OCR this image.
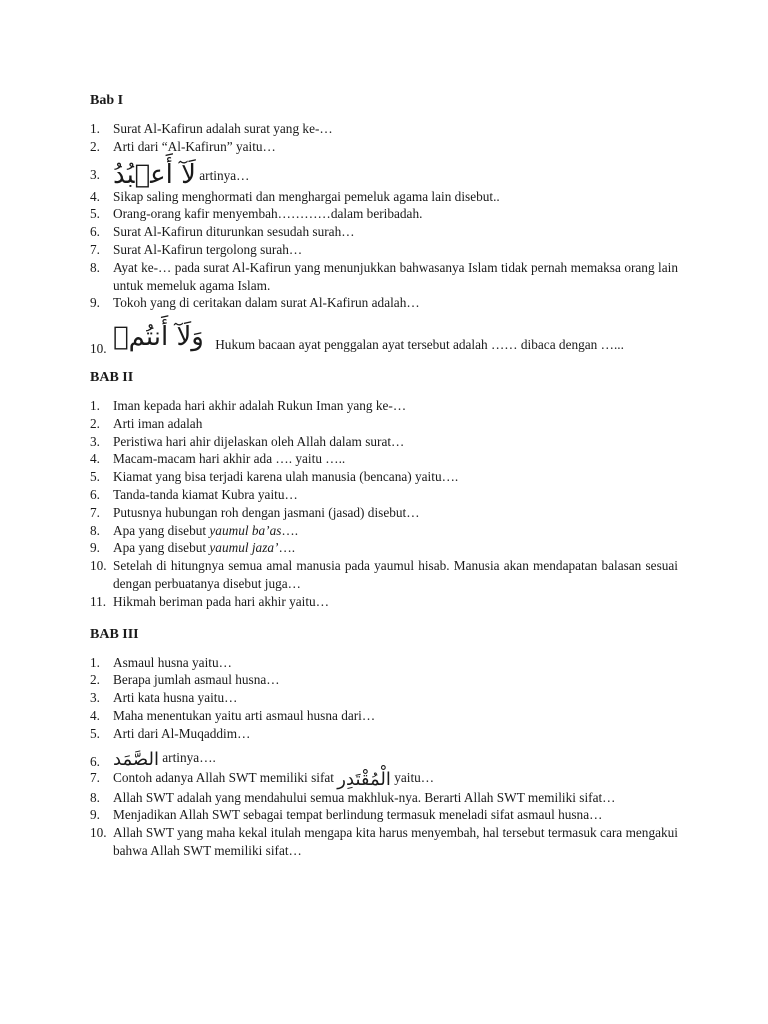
Bab I
1. Surat Al-Kafirun adalah surat yang ke-…
2. Arti dari “Al-Kafirun” yaitu…
3. لَآ أَعۡبُدُ artinya…
4. Sikap saling menghormati dan menghargai pemeluk agama lain disebut..
5. Orang-orang kafir menyembah…………dalam beribadah.
6. Surat Al-Kafirun diturunkan sesudah surah…
7. Surat Al-Kafirun tergolong surah…
8. Ayat ke-… pada surat Al-Kafirun yang menunjukkan bahwasanya Islam tidak pernah memaksa orang lain untuk memeluk agama Islam.
9. Tokoh yang di ceritakan dalam surat Al-Kafirun adalah…
10. وَلَآ أَنتُمۡ Hukum bacaan ayat penggalan ayat tersebut adalah …… dibaca dengan …...
BAB II
1. Iman kepada hari akhir adalah Rukun Iman yang ke-…
2. Arti iman adalah
3. Peristiwa hari ahir dijelaskan oleh Allah dalam surat…
4. Macam-macam hari akhir ada …. yaitu …..
5. Kiamat yang bisa terjadi karena ulah manusia (bencana) yaitu….
6. Tanda-tanda kiamat Kubra yaitu…
7. Putusnya hubungan roh dengan jasmani (jasad) disebut…
8. Apa yang disebut yaumul ba’as….
9. Apa yang disebut yaumul jaza’….
10. Setelah di hitungnya semua amal manusia pada yaumul hisab. Manusia akan mendapatan balasan sesuai dengan perbuatanya disebut juga…
11. Hikmah beriman pada hari akhir yaitu…
BAB III
1. Asmaul husna yaitu…
2. Berapa jumlah asmaul husna…
3. Arti kata husna yaitu…
4. Maha menentukan yaitu arti asmaul husna dari…
5. Arti dari Al-Muqaddim…
6. الصَّمَد artinya….
7. Contoh adanya Allah SWT memiliki sifat الْمُقْتَدِر yaitu…
8. Allah SWT adalah yang mendahului semua makhluk-nya. Berarti Allah SWT memiliki sifat…
9. Menjadikan Allah SWT sebagai tempat berlindung termasuk meneladi sifat asmaul husna…
10. Allah SWT yang maha kekal itulah mengapa kita harus menyembah, hal tersebut termasuk cara mengakui bahwa Allah SWT memiliki sifat…
